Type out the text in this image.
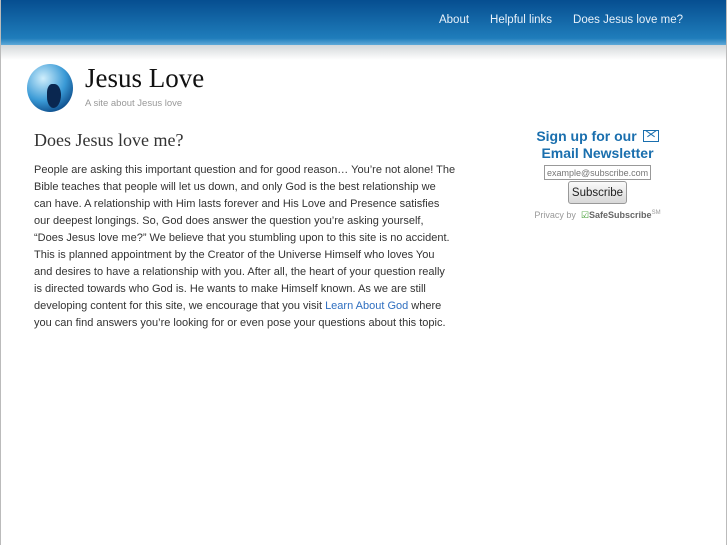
About Helpful links Does Jesus love me?
Jesus Love
A site about Jesus love
Does Jesus love me?
People are asking this important question and for good reason… You’re not alone! The
Bible teaches that people will let us down, and only God is the best relationship we
can have. A relationship with Him lasts forever and His Love and Presence satisfies
our deepest longings. So, God does answer the question you’re asking yourself,
“Does Jesus love me?” We believe that you stumbling upon to this site is no accident.
This is planned appointment by the Creator of the Universe Himself who loves You
and desires to have a relationship with you. After all, the heart of your question really
is directed towards who God is. He wants to make Himself known. As we are still
developing content for this site, we encourage that you visit Learn About God where
you can find answers you’re looking for or even pose your questions about this topic.
Sign up for our
Email Newsletter
example@subscribe.com
Subscribe
Privacy by ☑SafeSubscribe℠
